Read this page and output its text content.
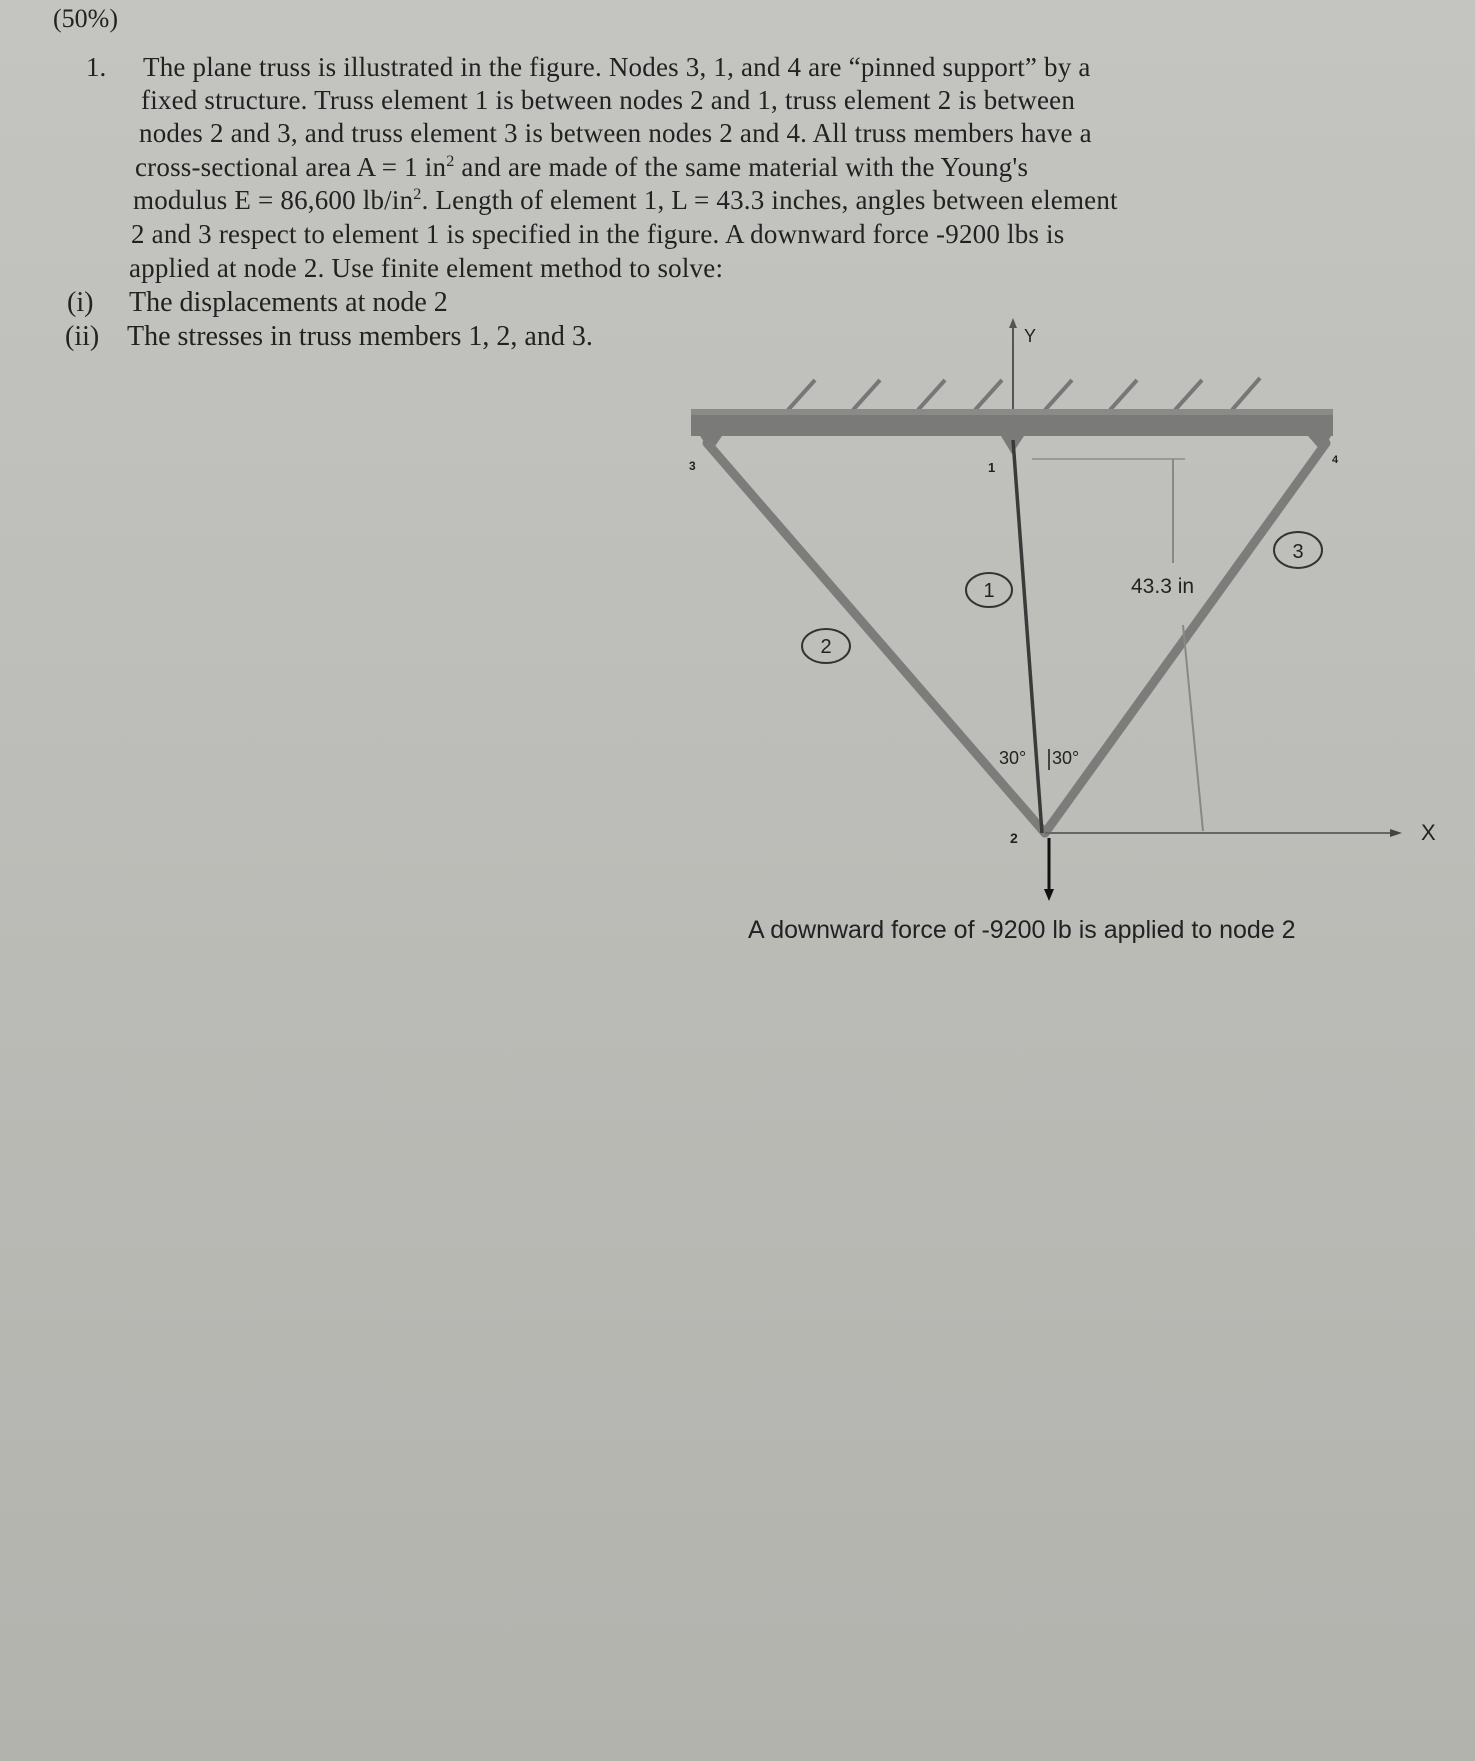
(50%)
1. The plane truss is illustrated in the figure. Nodes 3, 1, and 4 are “pinned support” by a
fixed structure. Truss element 1 is between nodes 2 and 1, truss element 2 is between
nodes 2 and 3, and truss element 3 is between nodes 2 and 4. All truss members have a
cross-sectional area A = 1 $in^2$ and are made of the same material with the Young's
modulus E = 86,600 $lb/in^2$. Length of element 1, L = 43.3 inches, angles between element
2 and 3 respect to element 1 is specified in the figure. A downward force -9200 lbs is
applied at node 2. Use finite element method to solve:
(i) The displacements at node 2
(ii) The stresses in truss members 1, 2, and 3.	Y
X
3	1	4
2
1
2
3
43.3 in
30° 30°
A downward force of -9200 lb is applied to node 2
